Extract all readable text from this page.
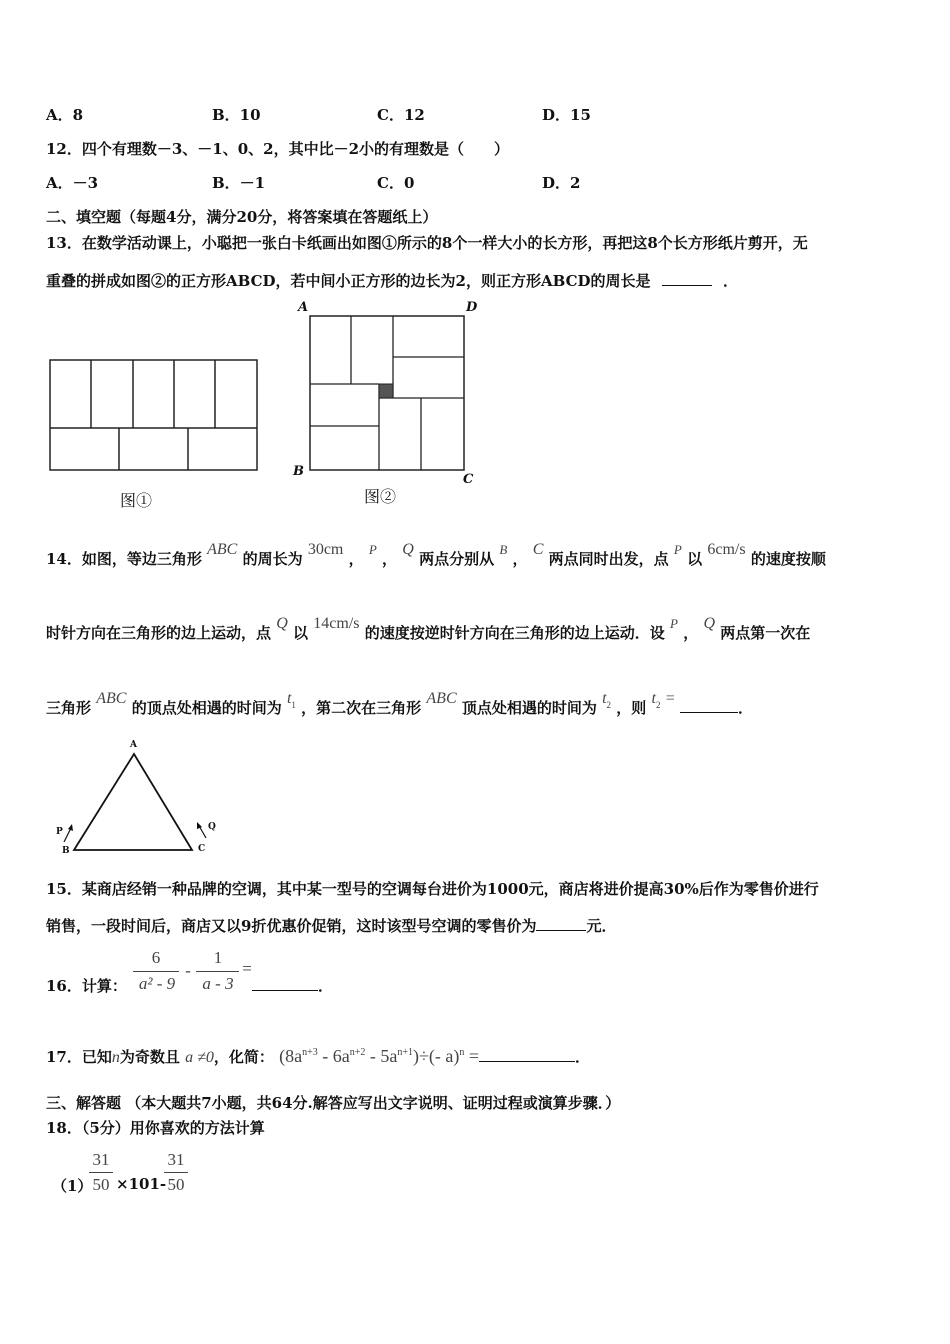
A．8	B．10	C．12	D．15
12．四个有理数－3、－1、0、2，其中比－2小的有理数是（　　）
A．－3	B．－1	C．0	D．2
二、填空题（每题4分，满分20分，将答案填在答题纸上）
13．在数学活动课上，小聪把一张白卡纸画出如图①所示的8个一样大小的长方形，再把这8个长方形纸片剪开，无
重叠的拼成如图②的正方形ABCD，若中间小正方形的边长为2，则正方形ABCD的周长是	．
图①
A	D
B
C
图②
14．如图，等边三角形 ABC 的周长为 30cm ， P ， Q 两点分别从 B ， C 两点同时出发，点 P 以 6cm/s 的速度按顺
时针方向在三角形的边上运动，点 Q 以 14cm/s 的速度按逆时针方向在三角形的边上运动．设 P ， Q 两点第一次在
三角形 ABC 的顶点处相遇的时间为 $t^1$ ，第二次在三角形 ABC 顶点处相遇的时间为 $t^2$ ，则 $t^2$ = ．
A
B	C
P	Q
15．某商店经销一种品牌的空调，其中某一型号的空调每台进价为1000元，商店将进价提高30%后作为零售价进行
销售，一段时间后，商店又以9折优惠价促销，这时该型号空调的零售价为	元．
16．计算：
6
a² - 9
-
1
a - 3
=
．
17．已知n为奇数且 a ≠0，化简： $(8a^{n+3} - 6a^{n+2} - 5a^{n+1})\div(-$ a)$^n$ =	．
三、解答题 （本大题共7小题，共64分.解答应写出文字说明、证明过程或演算步骤．）
18．（5分）用你喜欢的方法计算
（1）
31
50 ×101-
31
50
